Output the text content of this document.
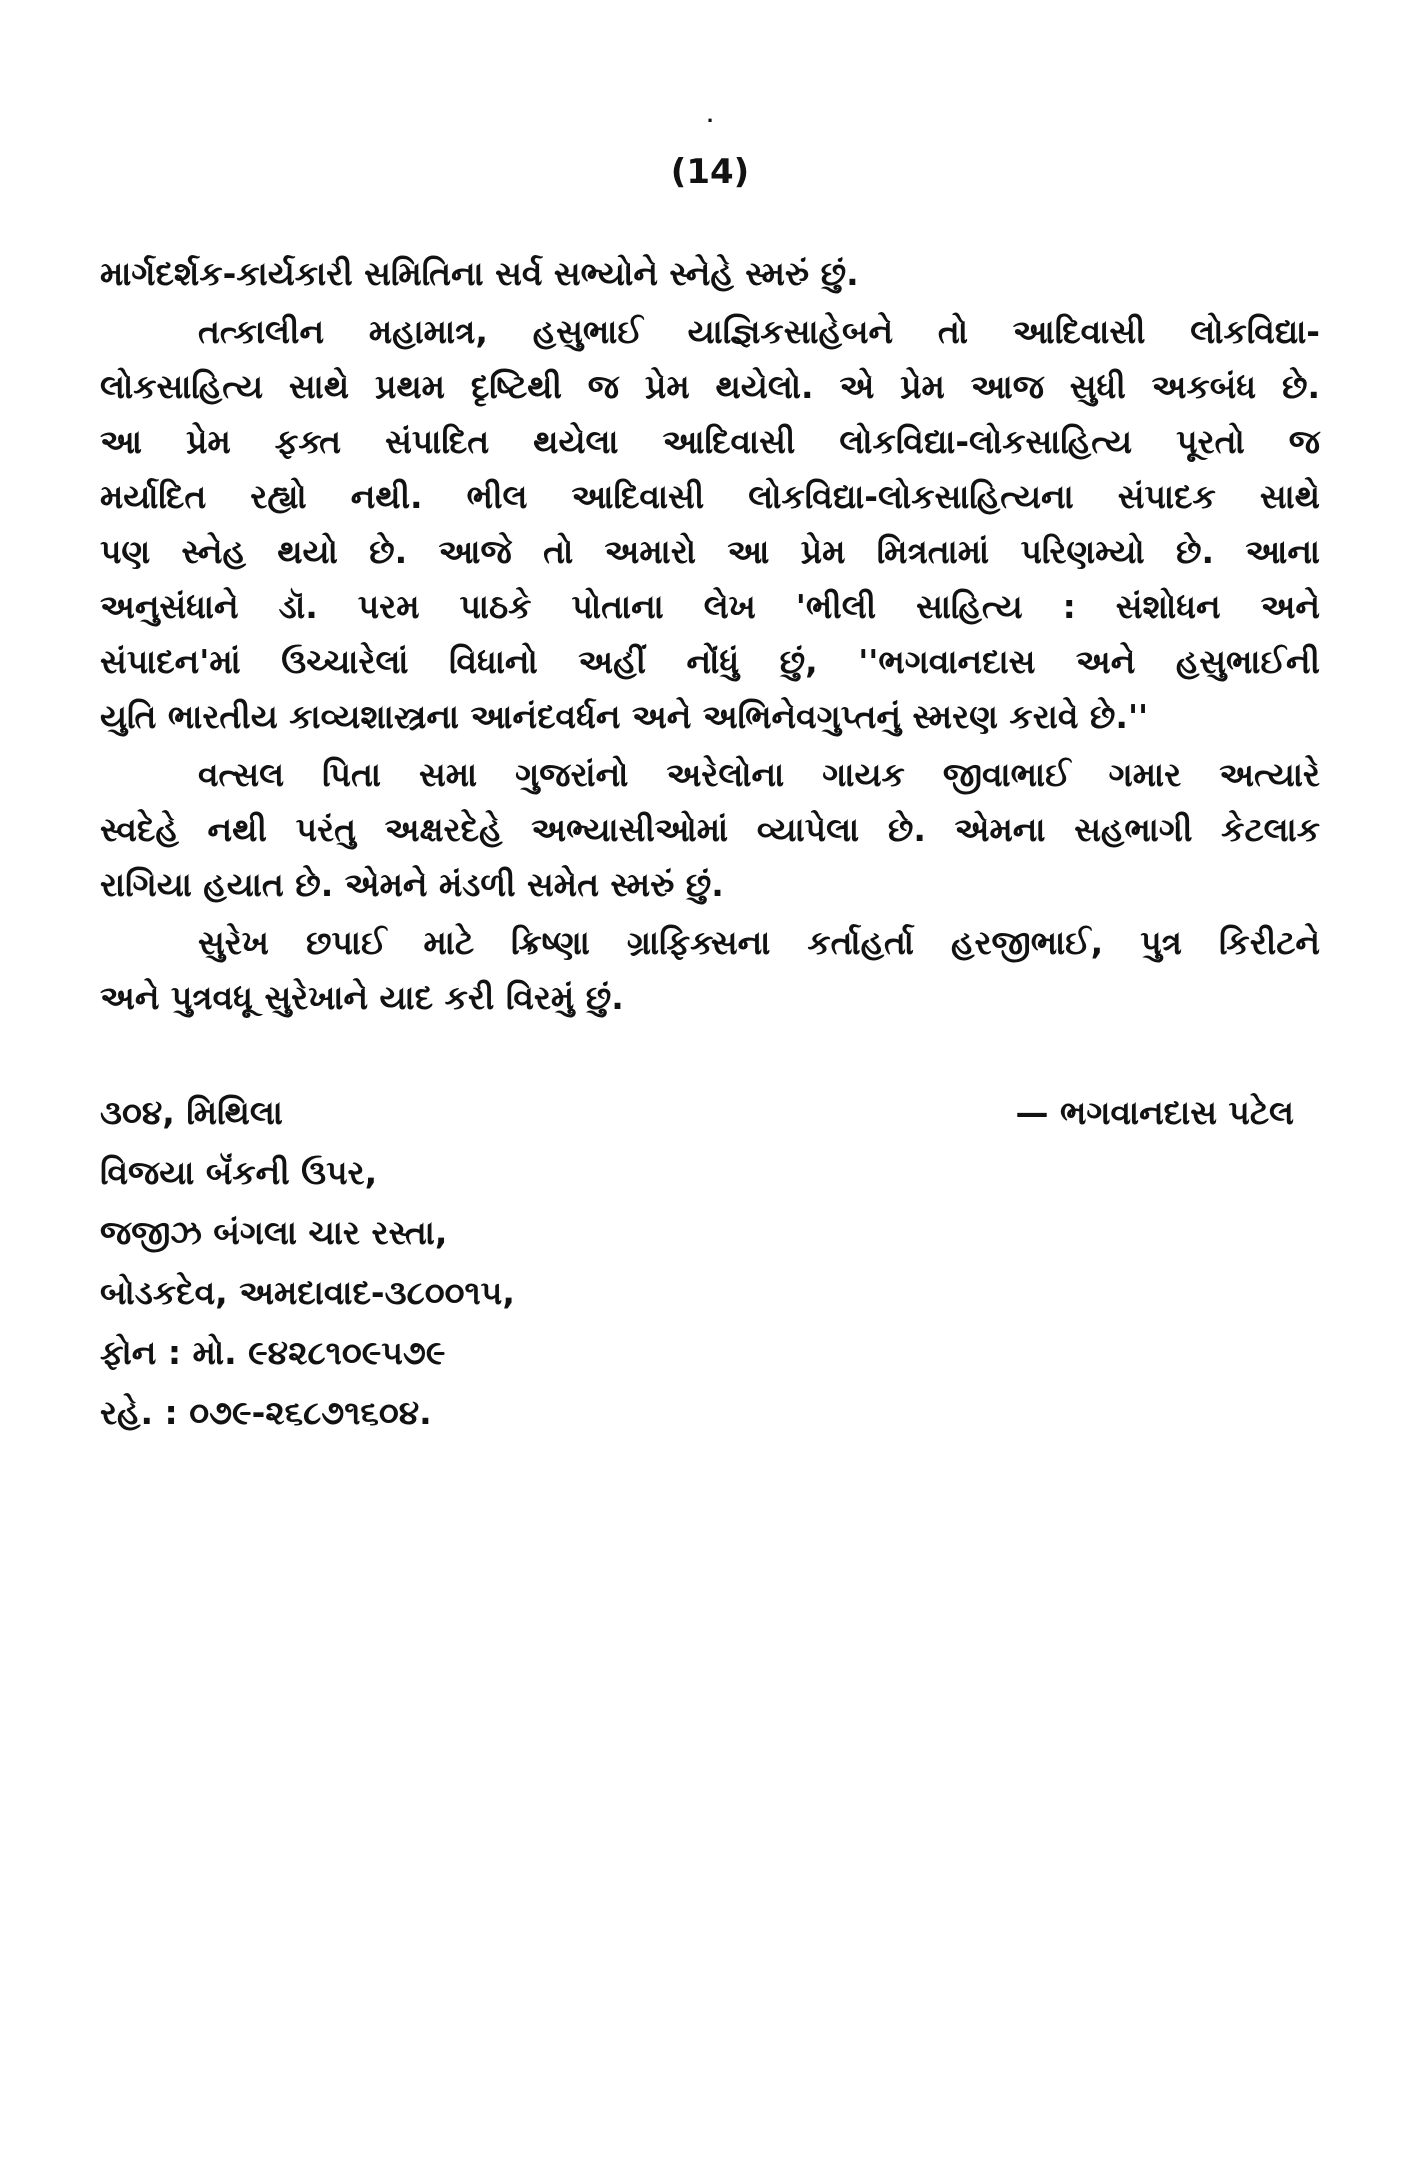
.
(14)
માર્ગદર્શક-કાર્યકારી સમિતિના સર્વ સભ્યોને સ્નેહે સ્મરું છું.
તત્કાલીન મહામાત્ર, હસુભાઈ યાજ્ઞિકસાહેબને તો આદિવાસી લોકવિદ્યા-
લોકસાહિત્ય સાથે પ્રથમ દૃષ્ટિથી જ પ્રેમ થયેલો. એ પ્રેમ આજ સુધી અકબંધ છે.
આ પ્રેમ ફક્ત સંપાદિત થયેલા આદિવાસી લોકવિદ્યા-લોકસાહિત્ય પૂરતો જ
મર્યાદિત રહ્યો નથી. ભીલ આદિવાસી લોકવિદ્યા-લોકસાહિત્યના સંપાદક સાથે
પણ સ્નેહ થયો છે. આજે તો અમારો આ પ્રેમ મિત્રતામાં પરિણમ્યો છે. આના
અનુસંધાને ડૉ. પરમ પાઠકે પોતાના લેખ 'ભીલી સાહિત્ય : સંશોધન અને
સંપાદન'માં ઉચ્ચારેલાં વિધાનો અહીં નોંધું છું, ''ભગવાનદાસ અને હસુભાઈની
યુતિ ભારતીય કાવ્યશાસ્ત્રના આનંદવર્ધન અને અભિનેવગુપ્તનું સ્મરણ કરાવે છે.''
વત્સલ પિતા સમા ગુજરાંનો અરેલોના ગાયક જીવાભાઈ ગમાર અત્યારે
સ્વદેહે નથી પરંતુ અક્ષરદેહે અભ્યાસીઓમાં વ્યાપેલા છે. એમના સહભાગી કેટલાક
રાગિયા હયાત છે. એમને મંડળી સમેત સ્મરું છું.
સુરેખ છપાઈ માટે ક્રિષ્ણા ગ્રાફિક્સના કર્તાહર્તા હરજીભાઈ, પુત્ર કિરીટને
અને પુત્રવધૂ સુરેખાને યાદ કરી વિરમું છું.
— ભગવાનદાસ પટેલ
૩૦૪, મિથિલા
વિજયા બૅંકની ઉપર,
જજીઝ બંગલા ચાર રસ્તા,
બોડકદેવ, અમદાવાદ-૩૮૦૦૧૫,
ફોન : મો. ૯૪૨૮૧૦૯૫૭૯
રહે. : ૦૭૯-૨૬૮૭૧૬૦૪.
